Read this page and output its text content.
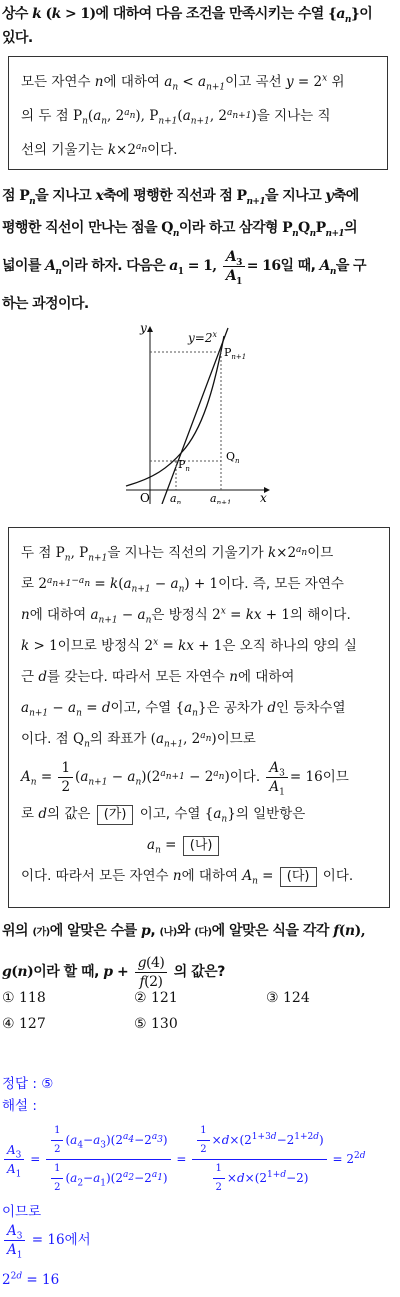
상수 k (k > 1)에 대하여 다음 조건을 만족시키는 수열 $\{a_n\}$이
있다.
모든 자연수 n에 대하여 $a_n < a_{n+1}$이고 곡선 $y = 2^x$ 위
의 두 점 $P_n(a_n$, $2^{a_n}$), $P_{n+1}(a_{n+1}$, $2^{a_{n+1}}$)을 지나는 직
선의 기울기는 $k\times 2^{a_n}$이다.
점 $P_n$을 지나고 x축에 평행한 직선과 점 $P_{n+1}$을 지나고 y축에
평행한 직선이 만나는 점을 $Q_n$이라 하고 삼각형 $P_nQ_nP_{n+1}$의
넓이를 $A_n$이라 하자. 다음은 $a_1 = 1$, $\frac{A_3}{A_1} = 16$일 때, $A_n$을 구
하는 과정이다.
$y=2^x$
y
x
O
$P_n$
$P_{n+1}$
$Q_n$
$a_n$	$a_{n+1}$
두 점 $P_n$, $P_{n+1}$을 지나는 직선의 기울기가 $k\times 2^{a_n}$이므
로 $2^{a_{n+1}-a_n} = k(a_{n+1} - a_n) + 1$이다. 즉, 모든 자연수
n에 대하여 $a_{n+1} - a_n$은 방정식 $2^x$ = kx + 1의 해이다.
k > 1이므로 방정식 $2^x$ = kx + 1은 오직 하나의 양의 실
근 d를 갖는다. 따라서 모든 자연수 n에 대하여
$a_{n+1} - a_n = d$이고, 수열 $\{a_n\}$은 공차가 d인 등차수열
이다. 점 $Q_n$의 좌표가 ($a_{n+1}$, $2^{a_n}$)이므로
$A_n = \frac{1}{2} (a_{n+1} - a_n)(2^{a_{n+1}} - 2^{a_n})$이다. $\frac{A_3}{A_1} = 16$이므
로 d의 값은 (가) 이고, 수열 $\{a_n\}$의 일반항은
$a_n$ = (나)
이다. 따라서 모든 자연수 n에 대하여 $A_n$ = (다) 이다.
위의 (가)에 알맞은 수를 p, (나)와 (다)에 알맞은 식을 각각 f(n),
g(n)이라 할 때, $p + \frac{g(4)}{f(2)}$ 의 값은?
① 118	② 121	③ 124
④ 127	⑤ 130
정답 : ⑤
해설 :
$\frac{A_3}{A_1} = \frac{\frac{1}{2} (a_4-a_3)(2^{a_4}-2^{a_3})}{\frac{1}{2} (a_2-a_1)(2^{a_2}-2^{a_1})} = \frac{\frac{1}{2} \times d\times(2^{1+3d}-2^{1+2d})}{\frac{1}{2} \times d\times(2^{1+d}-2)} = 2^{2d}$
이므로
$\frac{A_3}{A_1} = 16$에서
$2^{2d} = 16$
